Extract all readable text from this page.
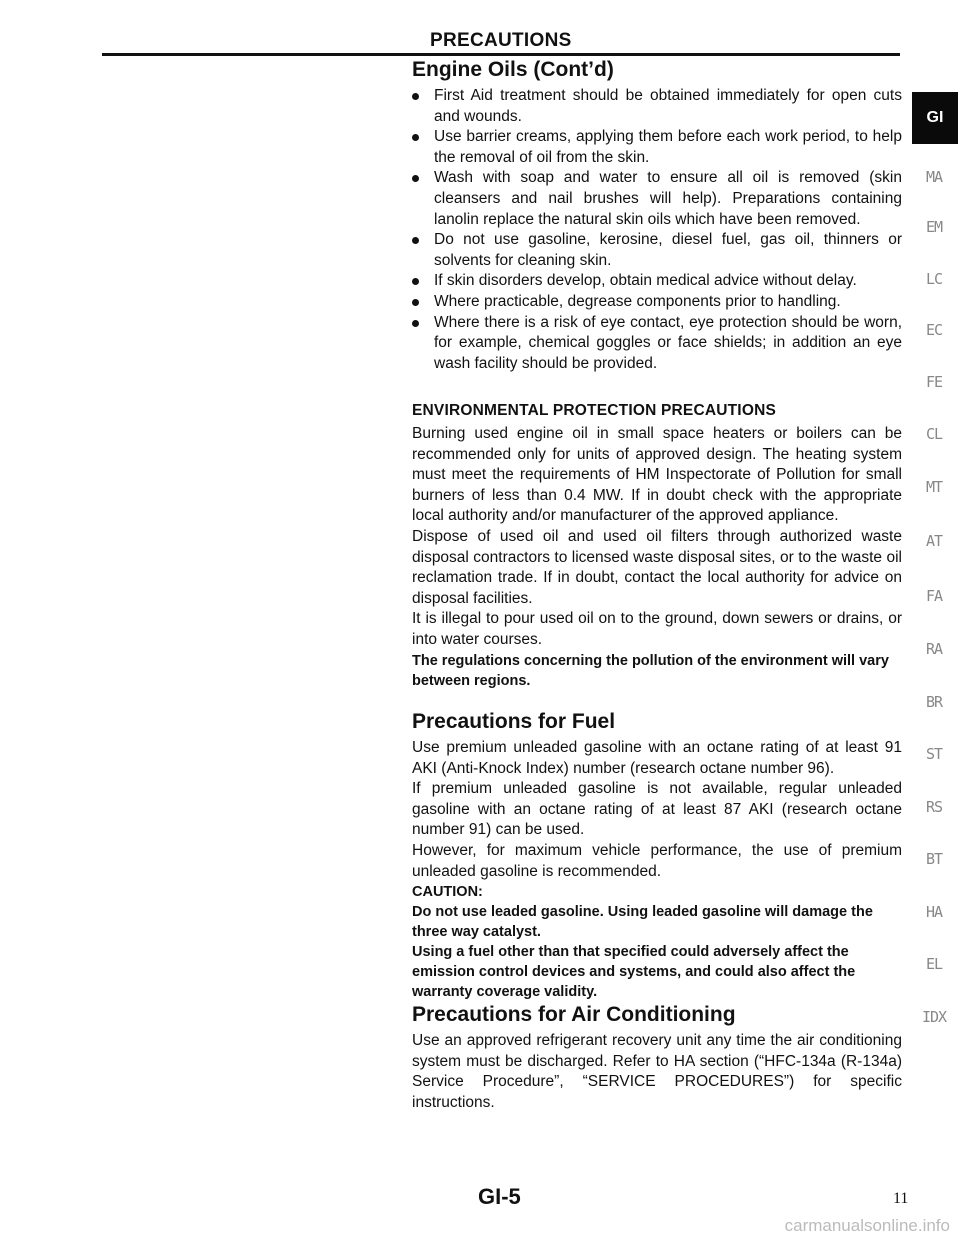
PRECAUTIONS
Engine Oils (Cont’d)
First Aid treatment should be obtained immediately for open cuts and wounds.
Use barrier creams, applying them before each work period, to help the removal of oil from the skin.
Wash with soap and water to ensure all oil is removed (skin cleansers and nail brushes will help). Preparations containing lanolin replace the natural skin oils which have been removed.
Do not use gasoline, kerosine, diesel fuel, gas oil, thinners or solvents for cleaning skin.
If skin disorders develop, obtain medical advice without delay.
Where practicable, degrease components prior to handling.
Where there is a risk of eye contact, eye protection should be worn, for example, chemical goggles or face shields; in addition an eye wash facility should be provided.
ENVIRONMENTAL PROTECTION PRECAUTIONS

Burning used engine oil in small space heaters or boilers can be recommended only for units of approved design. The heating system must meet the requirements of HM Inspectorate of Pollution for small burners of less than 0.4 MW. If in doubt check with the appropriate local authority and/or manufacturer of the approved appliance.

Dispose of used oil and used oil filters through authorized waste disposal contractors to licensed waste disposal sites, or to the waste oil reclamation trade. If in doubt, contact the local authority for advice on disposal facilities.

It is illegal to pour used oil on to the ground, down sewers or drains, or into water courses.

The regulations concerning the pollution of the environment will vary between regions.

Precautions for Fuel

Use premium unleaded gasoline with an octane rating of at least 91 AKI (Anti-Knock Index) number (research octane number 96).

If premium unleaded gasoline is not available, regular unleaded gasoline with an octane rating of at least 87 AKI (research octane number 91) can be used.

However, for maximum vehicle performance, the use of premium unleaded gasoline is recommended.

CAUTION:

Do not use leaded gasoline. Using leaded gasoline will damage the three way catalyst.

Using a fuel other than that specified could adversely affect the emission control devices and systems, and could also affect the warranty coverage validity.

Precautions for Air Conditioning

Use an approved refrigerant recovery unit any time the air conditioning system must be discharged. Refer to HA section (“HFC-134a (R-134a) Service Procedure”, “SERVICE PROCEDURES”) for specific instructions.

GI
MA
EM
LC
EC
FE
CL
MT
AT
FA
RA
BR
ST
RS
BT
HA
EL
IDX
GI-5	11
carmanualsonline.info
